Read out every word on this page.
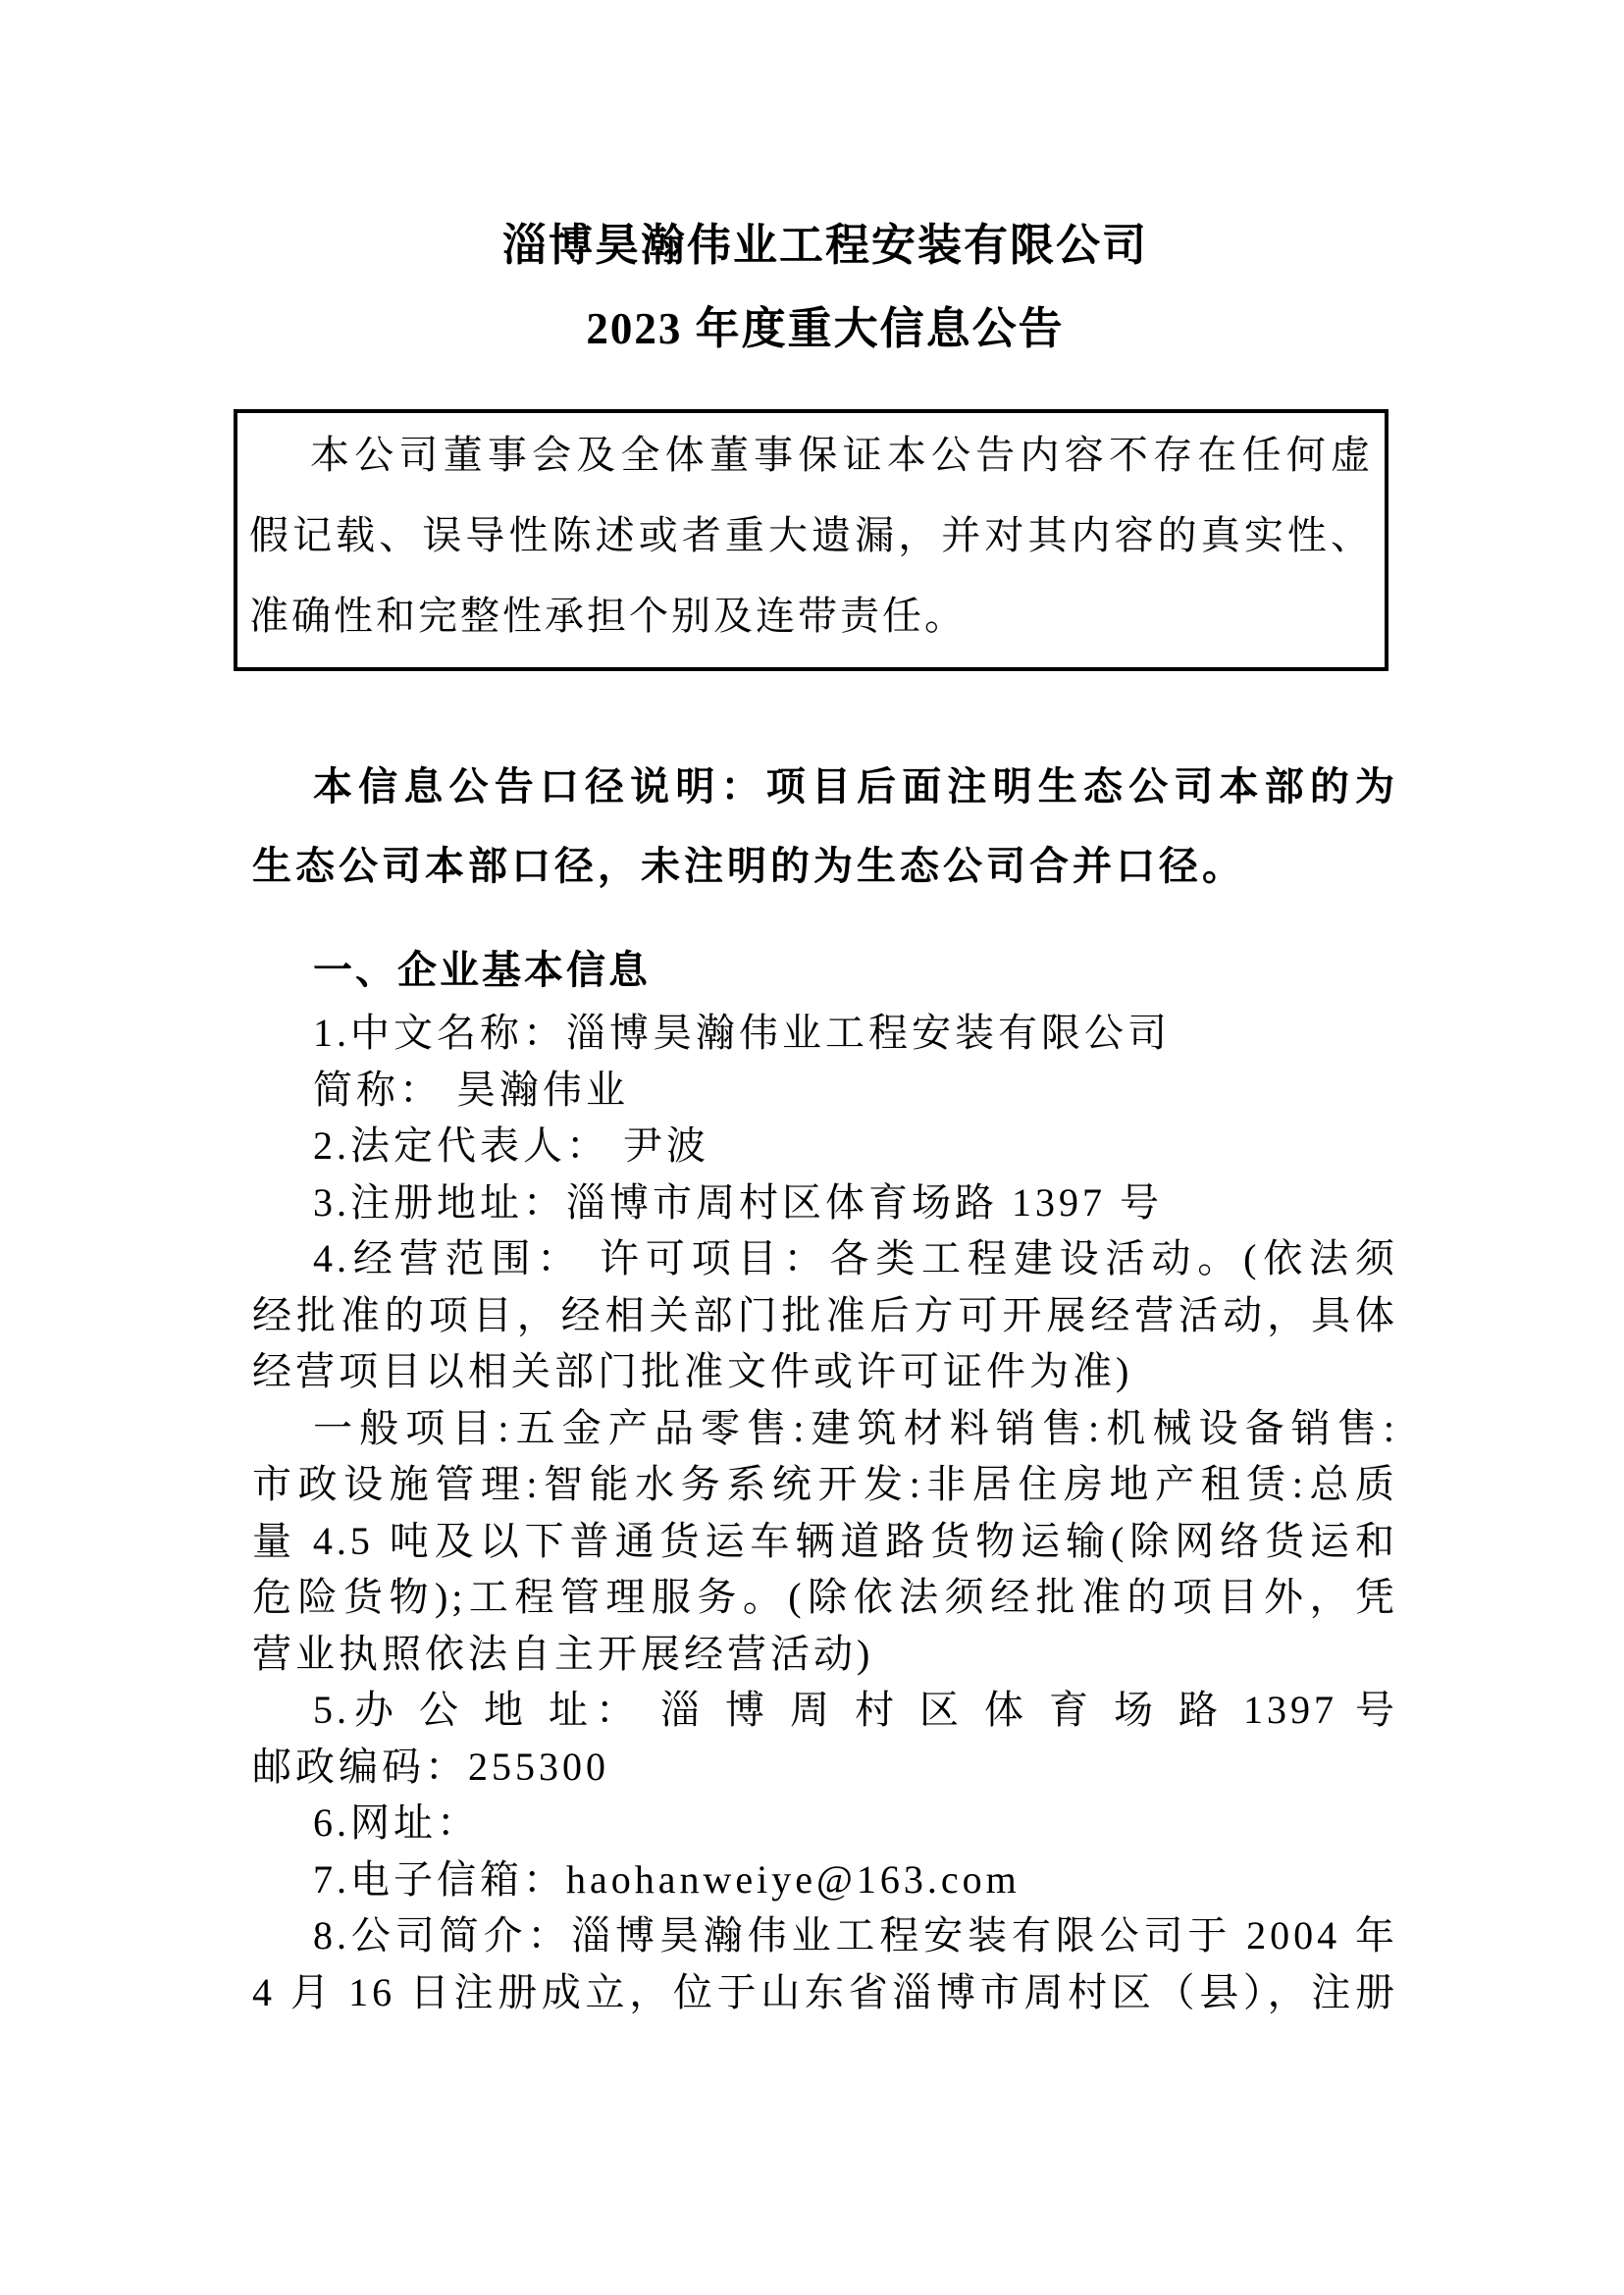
淄博昊瀚伟业工程安装有限公司
2023 年度重大信息公告
本公司董事会及全体董事保证本公告内容不存在任何虚
假记载、误导性陈述或者重大遗漏，并对其内容的真实性、
准确性和完整性承担个别及连带责任。
本信息公告口径说明：项目后面注明生态公司本部的为
生态公司本部口径，未注明的为生态公司合并口径。
一、企业基本信息
1.中文名称：淄博昊瀚伟业工程安装有限公司
简称： 昊瀚伟业
2.法定代表人： 尹波
3.注册地址：淄博市周村区体育场路 1397 号
4.经营范围： 许可项目：各类工程建设活动。(依法须
经批准的项目，经相关部门批准后方可开展经营活动，具体
经营项目以相关部门批准文件或许可证件为准)
一般项目:五金产品零售:建筑材料销售:机械设备销售:
市政设施管理:智能水务系统开发:非居住房地产租赁:总质
量 4.5 吨及以下普通货运车辆道路货物运输(除网络货运和
危险货物);工程管理服务。(除依法须经批准的项目外，凭
营业执照依法自主开展经营活动)
5.办 公 地 址： 淄 博 周 村 区 体 育 场 路 1397 号
邮政编码：255300
6.网址：
7.电子信箱：haohanweiye@163.com
8.公司简介：淄博昊瀚伟业工程安装有限公司于 2004 年
4 月 16 日注册成立，位于山东省淄博市周村区（县），注册
